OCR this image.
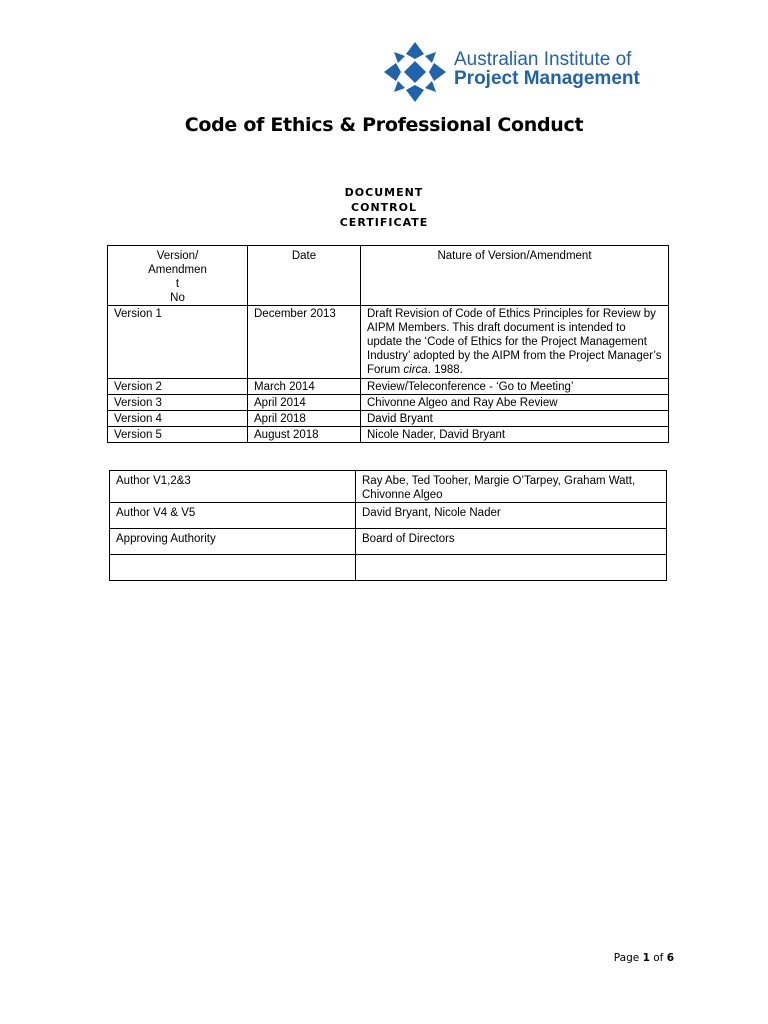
Australian Institute of
Project Management
Code of Ethics & Professional Conduct
DOCUMENT
CONTROL
CERTIFICATE
Version/
Amendmen
t
No	Date	Nature of Version/Amendment
Version 1	December 2013	Draft Revision of Code of Ethics Principles for Review by AIPM Members. This draft document is intended to update the ‘Code of Ethics for the Project Management Industry’ adopted by the AIPM from the Project Manager’s Forum circa. 1988.
Version 2	March 2014	Review/Teleconference - ‘Go to Meeting’
Version 3	April 2014	Chivonne Algeo and Ray Abe Review
Version 4	April 2018	David Bryant
Version 5	August 2018	Nicole Nader, David Bryant
Author V1,2&3	Ray Abe, Ted Tooher, Margie O’Tarpey, Graham Watt, Chivonne Algeo
Author V4 & V5	David Bryant, Nicole Nader
Approving Authority	Board of Directors

Page 1 of 6
